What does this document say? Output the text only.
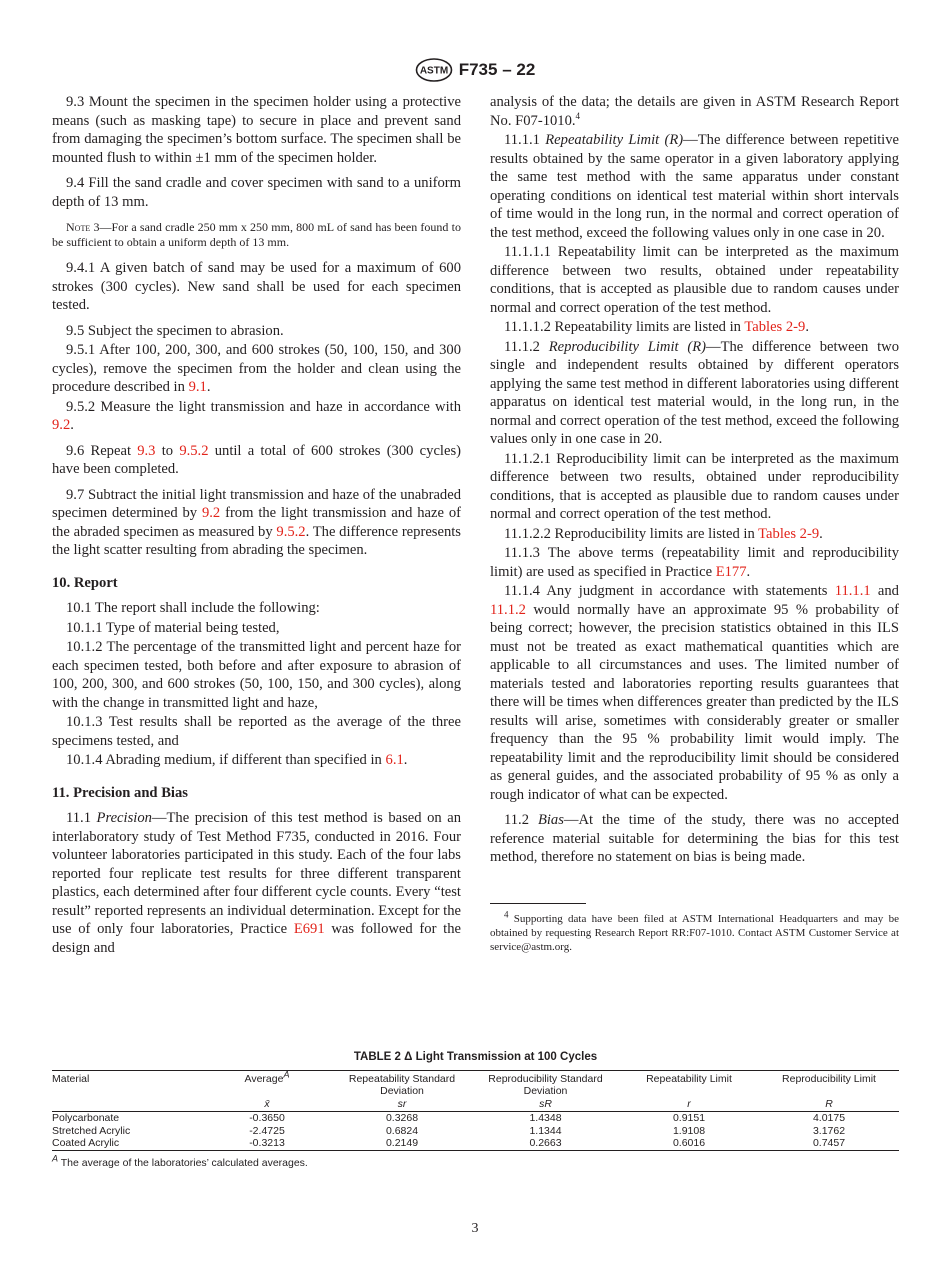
ASTM F735 – 22

9.3 Mount the specimen in the specimen holder using a protective means (such as masking tape) to secure in place and prevent sand from damaging the specimen’s bottom surface. The specimen shall be mounted flush to within ±1 mm of the specimen holder.

9.4 Fill the sand cradle and cover specimen with sand to a uniform depth of 13 mm.

Note 3—For a sand cradle 250 mm x 250 mm, 800 mL of sand has been found to be sufficient to obtain a uniform depth of 13 mm.

9.4.1 A given batch of sand may be used for a maximum of 600 strokes (300 cycles). New sand shall be used for each specimen tested.

9.5 Subject the specimen to abrasion.

9.5.1 After 100, 200, 300, and 600 strokes (50, 100, 150, and 300 cycles), remove the specimen from the holder and clean using the procedure described in 9.1.

9.5.2 Measure the light transmission and haze in accordance with 9.2.

9.6 Repeat 9.3 to 9.5.2 until a total of 600 strokes (300 cycles) have been completed.

9.7 Subtract the initial light transmission and haze of the unabraded specimen determined by 9.2 from the light transmission and haze of the abraded specimen as measured by 9.5.2. The difference represents the light scatter resulting from abrading the specimen.

10. Report

10.1 The report shall include the following:

10.1.1 Type of material being tested,

10.1.2 The percentage of the transmitted light and percent haze for each specimen tested, both before and after exposure to abrasion of 100, 200, 300, and 600 strokes (50, 100, 150, and 300 cycles), along with the change in transmitted light and haze,

10.1.3 Test results shall be reported as the average of the three specimens tested, and

10.1.4 Abrading medium, if different than specified in 6.1.

11. Precision and Bias

11.1 Precision—The precision of this test method is based on an interlaboratory study of Test Method F735, conducted in 2016. Four volunteer laboratories participated in this study. Each of the four labs reported four replicate test results for three different transparent plastics, each determined after four different cycle counts. Every “test result” reported represents an individual determination. Except for the use of only four laboratories, Practice E691 was followed for the design and

analysis of the data; the details are given in ASTM Research Report No. F07-1010.$^4$

11.1.1 Repeatability Limit (R)—The difference between repetitive results obtained by the same operator in a given laboratory applying the same test method with the same apparatus under constant operating conditions on identical test material within short intervals of time would in the long run, in the normal and correct operation of the test method, exceed the following values only in one case in 20.

11.1.1.1 Repeatability limit can be interpreted as the maximum difference between two results, obtained under repeatability conditions, that is accepted as plausible due to random causes under normal and correct operation of the test method.

11.1.1.2 Repeatability limits are listed in Tables 2-9.

11.1.2 Reproducibility Limit (R)—The difference between two single and independent results obtained by different operators applying the same test method in different laboratories using different apparatus on identical test material would, in the long run, in the normal and correct operation of the test method, exceed the following values only in one case in 20.

11.1.2.1 Reproducibility limit can be interpreted as the maximum difference between two results, obtained under reproducibility conditions, that is accepted as plausible due to random causes under normal and correct operation of the test method.

11.1.2.2 Reproducibility limits are listed in Tables 2-9.

11.1.3 The above terms (repeatability limit and reproducibility limit) are used as specified in Practice E177.

11.1.4 Any judgment in accordance with statements 11.1.1 and 11.1.2 would normally have an approximate 95 % probability of being correct; however, the precision statistics obtained in this ILS must not be treated as exact mathematical quantities which are applicable to all circumstances and uses. The limited number of materials tested and laboratories reporting results guarantees that there will be times when differences greater than predicted by the ILS results will arise, sometimes with considerably greater or smaller frequency than the 95 % probability limit would imply. The repeatability limit and the reproducibility limit should be considered as general guides, and the associated probability of 95 % as only a rough indicator of what can be expected.

11.2 Bias—At the time of the study, there was no accepted reference material suitable for determining the bias for this test method, therefore no statement on bias is being made.

$^4$ Supporting data have been filed at ASTM International Headquarters and may be obtained by requesting Research Report RR:F07-1010. Contact ASTM Customer Service at service@astm.org.

TABLE 2 Δ Light Transmission at 100 Cycles
Material	Average$^A$	Repeatability Standard Deviation	Reproducibility Standard Deviation	Repeatability Limit	Reproducibility Limit
	x̄	sr	sR	r	R
Polycarbonate	-0.3650	0.3268	1.4348	0.9151	4.0175
Stretched Acrylic	-2.4725	0.6824	1.1344	1.9108	3.1762
Coated Acrylic	-0.3213	0.2149	0.2663	0.6016	0.7457
$^A$ The average of the laboratories’ calculated averages.
3
